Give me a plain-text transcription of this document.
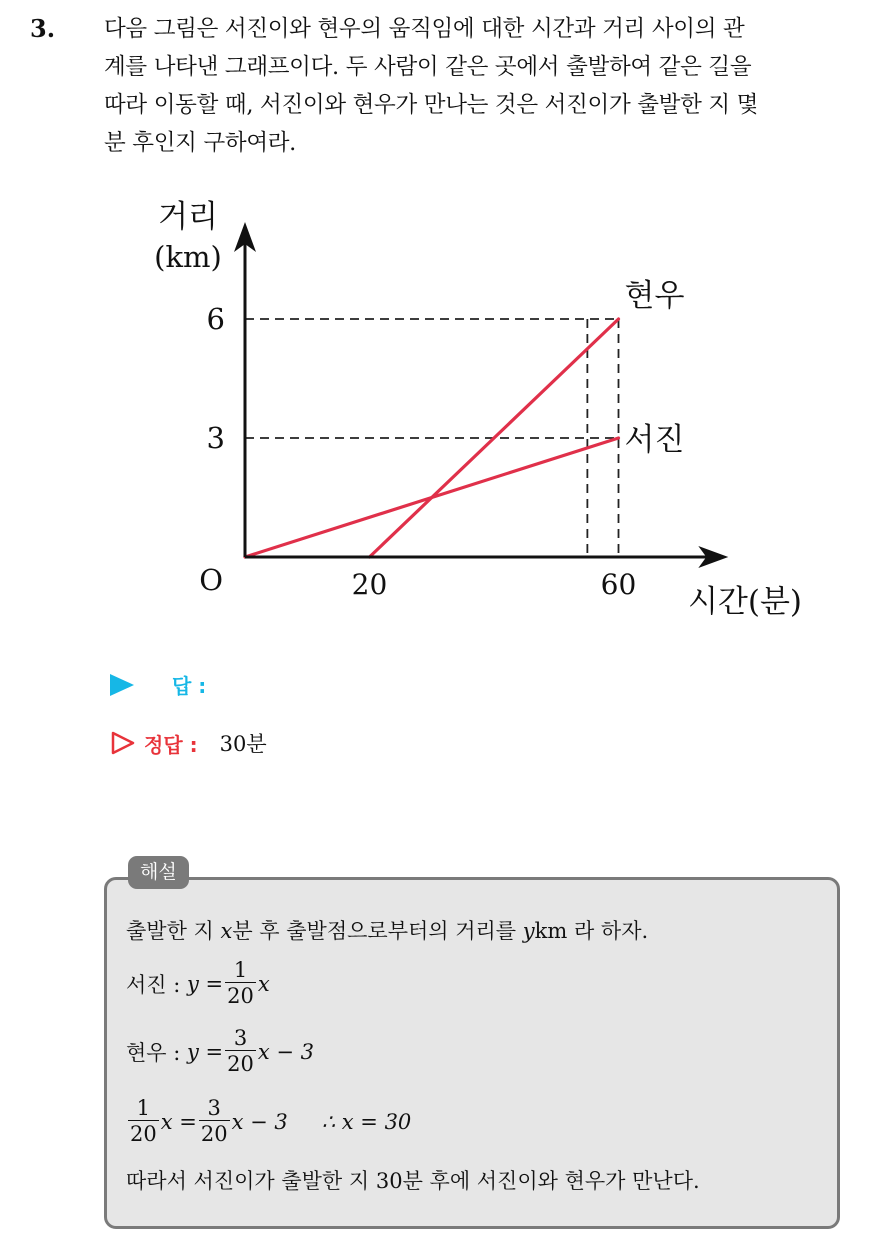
3. 다음 그림은 서진이와 현우의 움직임에 대한 시간과 거리 사이의 관
계를 나타낸 그래프이다. 두 사람이 같은 곳에서 출발하여 같은 길을
따라 이동할 때, 서진이와 현우가 만나는 것은 서진이가 출발한 지 몇
분 후인지 구하여라.
현우
서진
20	60
3
6
O
거리
(km)
시간(분)
답 :
정답 : 30분
해설
출발한 지 x분 후 출발점으로부터의 거리를 ykm 라 하자.
서진 :
$y = \frac{1}{20}$ x
현우 :
$y = \frac{3}{20}$ x − 3
$\frac{1}{20}$ $x = \frac{3}{20}$ x − 3 ∴ x = 30
따라서 서진이가 출발한 지 30분 후에 서진이와 현우가 만난다.
